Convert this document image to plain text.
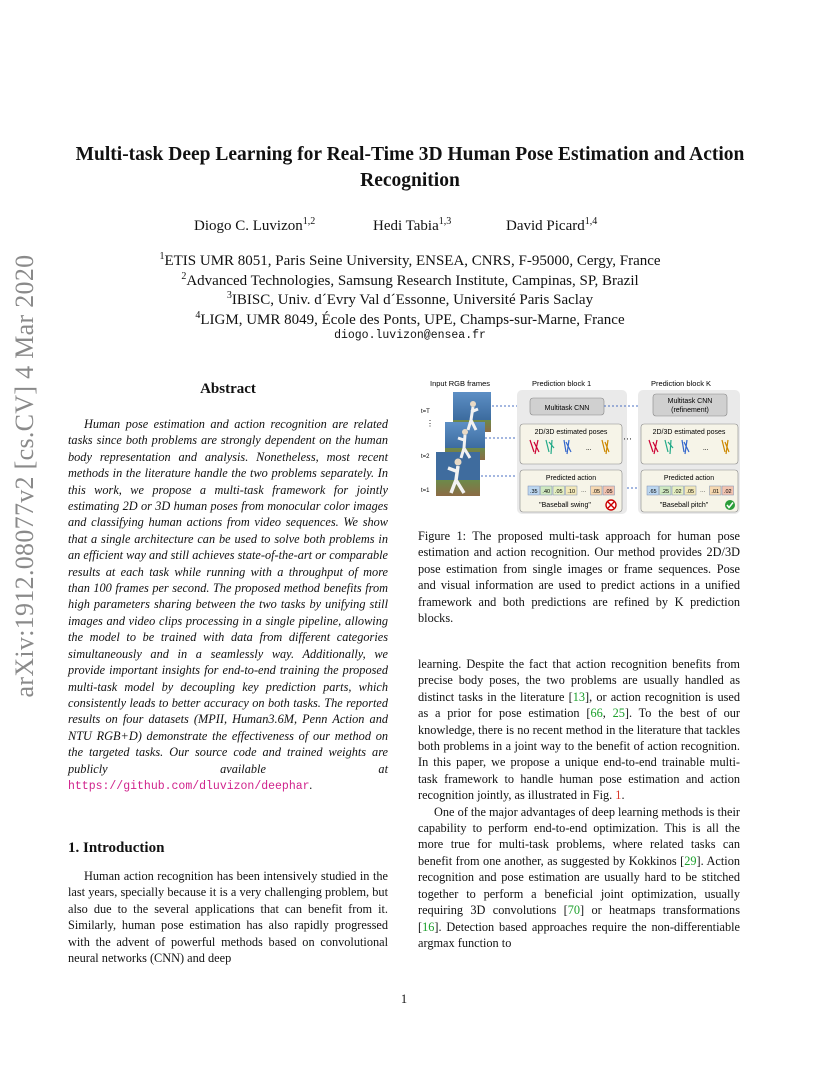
arXiv:1912.08077v2 [cs.CV] 4 Mar 2020
Multi-task Deep Learning for Real-Time 3D Human Pose Estimation and Action Recognition
Diogo C. Luvizon$^{1,2}$	Hedi Tabia$^{1,3}$	David Picard$^{1,4}$
$^1$ETIS UMR 8051, Paris Seine University, ENSEA, CNRS, F-95000, Cergy, France
$^2$Advanced Technologies, Samsung Research Institute, Campinas, SP, Brazil
$^3$IBISC, Univ. d´Evry Val d´Essonne, Université Paris Saclay
$^4$LIGM, UMR 8049, École des Ponts, UPE, Champs-sur-Marne, France
diogo.luvizon@ensea.fr
Abstract
Human pose estimation and action recognition are related tasks since both problems are strongly dependent on the human body representation and analysis. Nonetheless, most recent methods in the literature handle the two problems separately. In this work, we propose a multi-task framework for jointly estimating 2D or 3D human poses from monocular color images and classifying human actions from video sequences. We show that a single architecture can be used to solve both problems in an efficient way and still achieves state-of-the-art or comparable results at each task while running with a throughput of more than 100 frames per second. The proposed method benefits from high parameters sharing between the two tasks by unifying still images and video clips processing in a single pipeline, allowing the model to be trained with data from different categories simultaneously and in a seamlessly way. Additionally, we provide important insights for end-to-end training the proposed multi-task model by decoupling key prediction parts, which consistently leads to better accuracy on both tasks. The reported results on four datasets (MPII, Human3.6M, Penn Action and NTU RGB+D) demonstrate the effectiveness of our method on the targeted tasks. Our source code and trained weights are publicly available at https://github.com/dluvizon/deephar.
1. Introduction
Human action recognition has been intensively studied in the last years, specially because it is a very challenging problem, but also due to the several applications that can benefit from it. Similarly, human pose estimation has also rapidly progressed with the advent of powerful methods based on convolutional neural networks (CNN) and deep
Input RGB frames	Prediction block 1	Prediction block K
t=T
⋮
t=2
t=1
Multitask CNN
2D/3D estimated poses
...
Predicted action
.35 .40 .05 .10 ··· .05 .05
"Baseball swing"
···
Multitask CNN
(refinement)
2D/3D estimated poses
...
Predicted action
.65 .25 .02 .05 ··· .01 .02
"Baseball pitch"
Figure 1: The proposed multi-task approach for human pose estimation and action recognition. Our method provides 2D/3D pose estimation from single images or frame sequences. Pose and visual information are used to predict actions in a unified framework and both predictions are refined by K prediction blocks.

learning. Despite the fact that action recognition benefits from precise body poses, the two problems are usually handled as distinct tasks in the literature [13], or action recognition is used as a prior for pose estimation [66, 25]. To the best of our knowledge, there is no recent method in the literature that tackles both problems in a joint way to the benefit of action recognition. In this paper, we propose a unique end-to-end trainable multi-task framework to handle human pose estimation and action recognition jointly, as illustrated in Fig. 1.

One of the major advantages of deep learning methods is their capability to perform end-to-end optimization. This is all the more true for multi-task problems, where related tasks can benefit from one another, as suggested by Kokkinos [29]. Action recognition and pose estimation are usually hard to be stitched together to perform a beneficial joint optimization, usually requiring 3D convolutions [70] or heatmaps transformations [16]. Detection based approaches require the non-differentiable argmax function to

1
